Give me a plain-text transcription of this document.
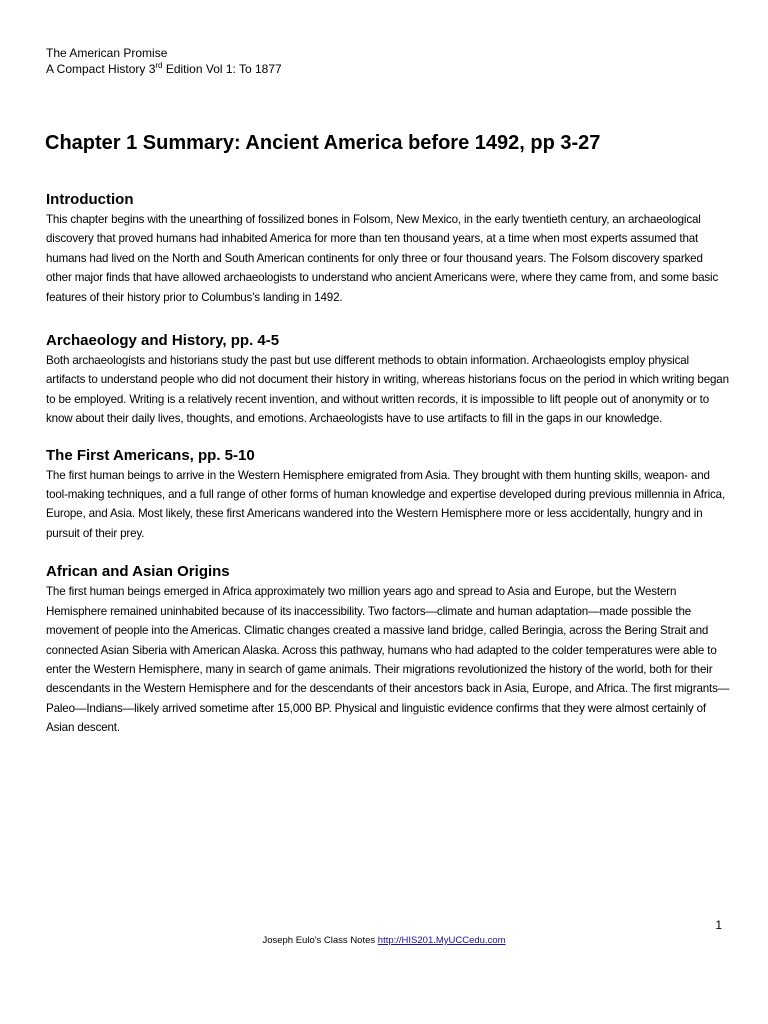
The American Promise
A Compact History 3rd Edition Vol 1: To 1877
Chapter 1 Summary: Ancient America before 1492, pp 3-27
Introduction

This chapter begins with the unearthing of fossilized bones in Folsom, New Mexico, in the early twentieth century, an archaeological discovery that proved humans had inhabited America for more than ten thousand years, at a time when most experts assumed that humans had lived on the North and South American continents for only three or four thousand years. The Folsom discovery sparked other major finds that have allowed archaeologists to understand who ancient Americans were, where they came from, and some basic features of their history prior to Columbus's landing in 1492.

Archaeology and History, pp. 4-5

Both archaeologists and historians study the past but use different methods to obtain information. Archaeologists employ physical artifacts to understand people who did not document their history in writing, whereas historians focus on the period in which writing began to be employed. Writing is a relatively recent invention, and without written records, it is impossible to lift people out of anonymity or to know about their daily lives, thoughts, and emotions. Archaeologists have to use artifacts to fill in the gaps in our knowledge.

The First Americans, pp. 5-10

The first human beings to arrive in the Western Hemisphere emigrated from Asia. They brought with them hunting skills, weapon- and tool-making techniques, and a full range of other forms of human knowledge and expertise developed during previous millennia in Africa, Europe, and Asia. Most likely, these first Americans wandered into the Western Hemisphere more or less accidentally, hungry and in pursuit of their prey.

African and Asian Origins

The first human beings emerged in Africa approximately two million years ago and spread to Asia and Europe, but the Western Hemisphere remained uninhabited because of its inaccessibility. Two factors—climate and human adaptation—made possible the movement of people into the Americas. Climatic changes created a massive land bridge, called Beringia, across the Bering Strait and connected Asian Siberia with American Alaska. Across this pathway, humans who had adapted to the colder temperatures were able to enter the Western Hemisphere, many in search of game animals. Their migrations revolutionized the history of the world, both for their descendants in the Western Hemisphere and for the descendants of their ancestors back in Asia, Europe, and Africa. The first migrants—Paleo—Indians—likely arrived sometime after 15,000 BP. Physical and linguistic evidence confirms that they were almost certainly of Asian descent.

1
Joseph Eulo's Class Notes http://HIS201.MyUCCedu.com
